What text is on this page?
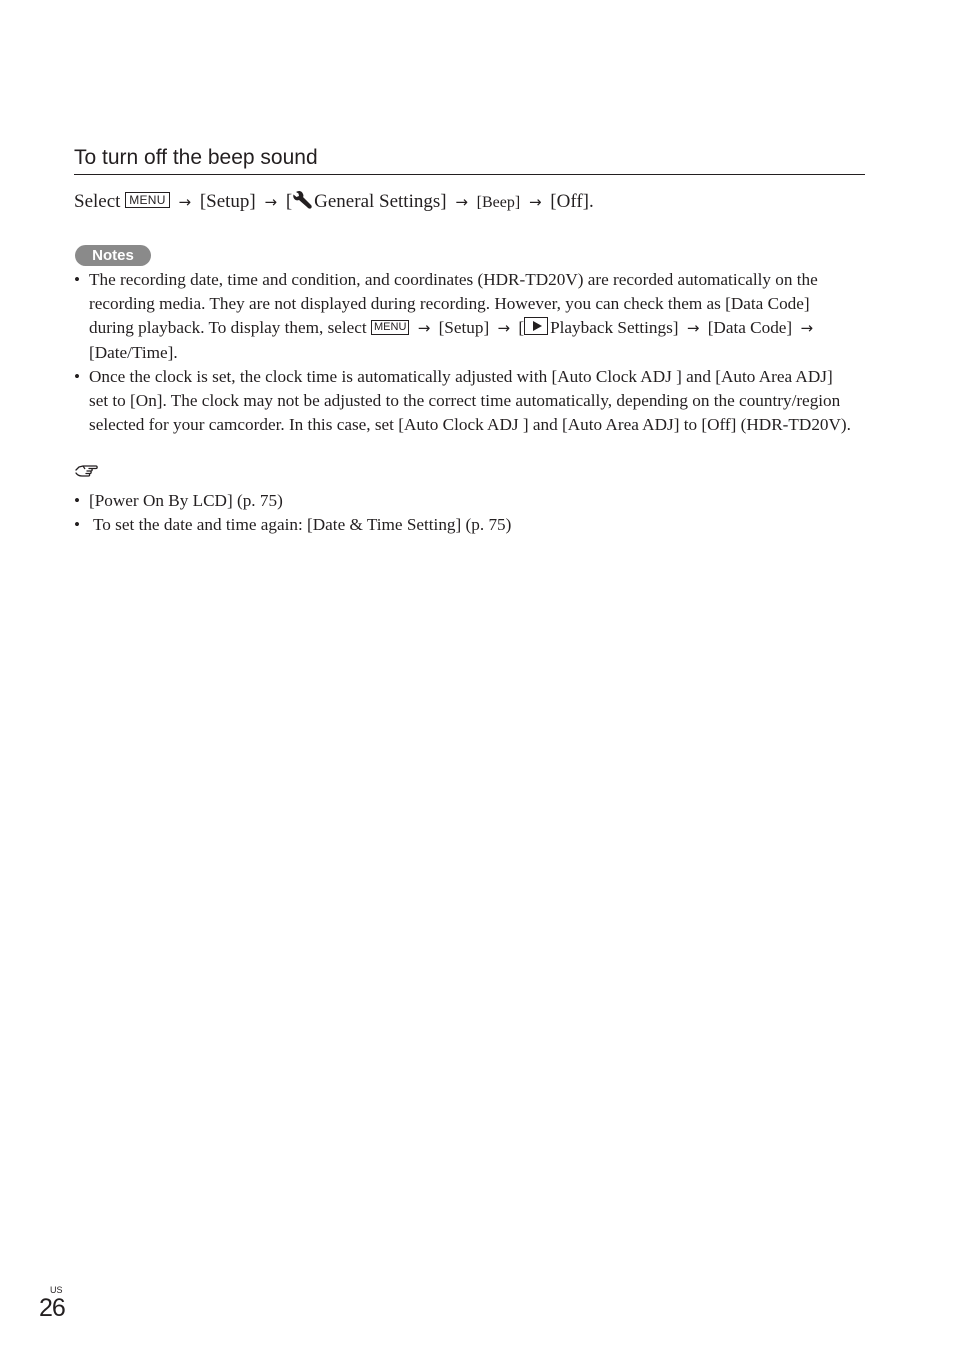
To turn off the beep sound
Select MENU → [Setup] → [ General Settings] → [Beep] → [Off].
Notes
• The recording date, time and condition, and coordinates (HDR-TD20V) are recorded automatically on the recording media. They are not displayed during recording. However, you can check them as [Data Code] during playback. To display them, select MENU → [Setup] → [ Playback Settings] → [Data Code] → [Date/Time].
• Once the clock is set, the clock time is automatically adjusted with [Auto Clock ADJ ] and [Auto Area ADJ] set to [On]. The clock may not be adjusted to the correct time automatically, depending on the country/region selected for your camcorder. In this case, set [Auto Clock ADJ ] and [Auto Area ADJ] to [Off] (HDR-TD20V).
• [Power On By LCD] (p. 75)
• To set the date and time again: [Date & Time Setting] (p. 75)
US
26
